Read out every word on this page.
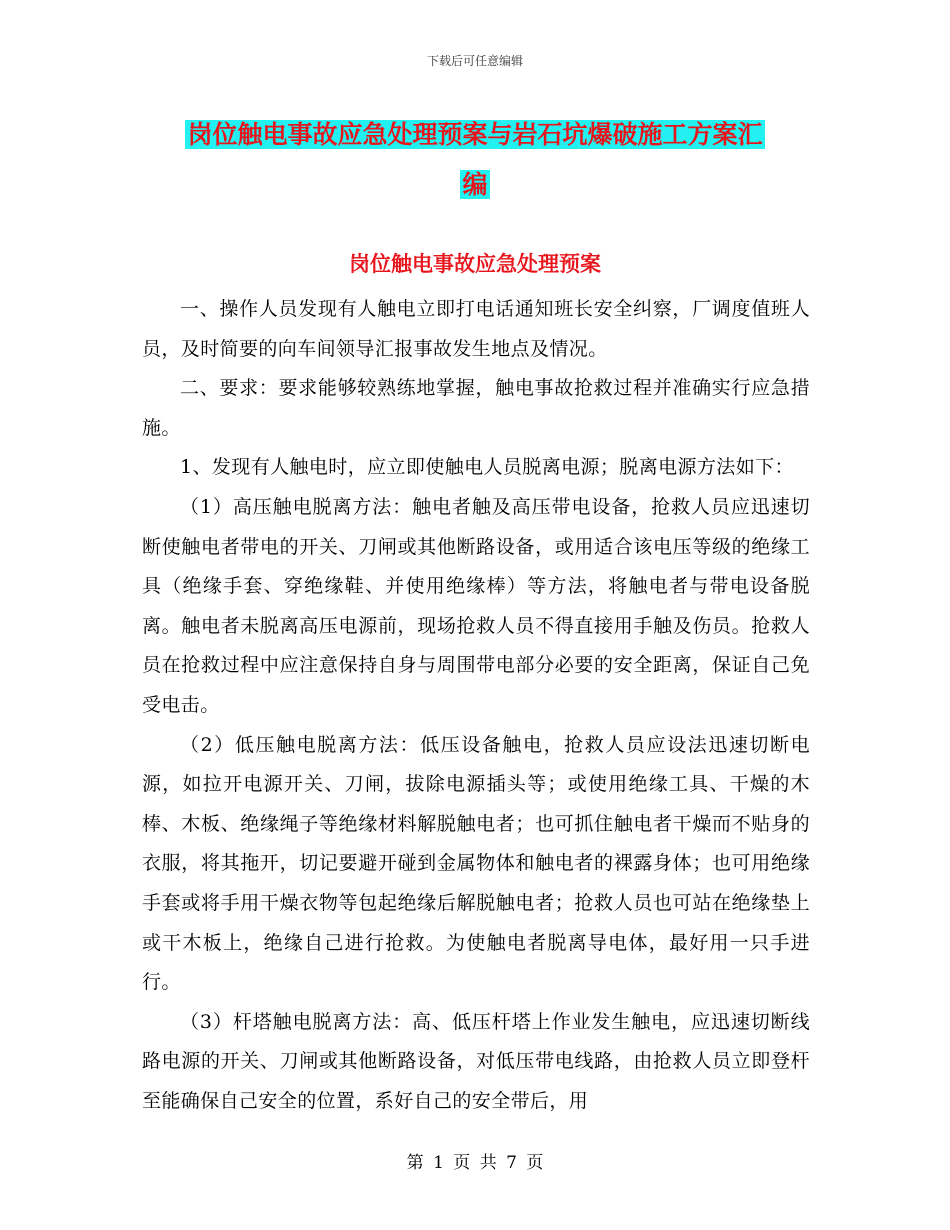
下载后可任意编辑
岗位触电事故应急处理预案与岩石坑爆破施工方案汇
编
岗位触电事故应急处理预案

一、操作人员发现有人触电立即打电话通知班长安全纠察，厂调度值班人员，及时简要的向车间领导汇报事故发生地点及情况。

二、要求：要求能够较熟练地掌握，触电事故抢救过程并准确实行应急措施。

1、发现有人触电时，应立即使触电人员脱离电源；脱离电源方法如下：

（1）高压触电脱离方法：触电者触及高压带电设备，抢救人员应迅速切断使触电者带电的开关、刀闸或其他断路设备，或用适合该电压等级的绝缘工具（绝缘手套、穿绝缘鞋、并使用绝缘棒）等方法，将触电者与带电设备脱离。触电者未脱离高压电源前，现场抢救人员不得直接用手触及伤员。抢救人员在抢救过程中应注意保持自身与周围带电部分必要的安全距离，保证自己免受电击。

（2）低压触电脱离方法：低压设备触电，抢救人员应设法迅速切断电源，如拉开电源开关、刀闸，拔除电源插头等；或使用绝缘工具、干燥的木棒、木板、绝缘绳子等绝缘材料解脱触电者；也可抓住触电者干燥而不贴身的衣服，将其拖开，切记要避开碰到金属物体和触电者的裸露身体；也可用绝缘手套或将手用干燥衣物等包起绝缘后解脱触电者；抢救人员也可站在绝缘垫上或干木板上，绝缘自己进行抢救。为使触电者脱离导电体，最好用一只手进行。

（3）杆塔触电脱离方法：高、低压杆塔上作业发生触电，应迅速切断线路电源的开关、刀闸或其他断路设备，对低压带电线路，由抢救人员立即登杆至能确保自己安全的位置，系好自己的安全带后，用

第 1 页 共 7 页
